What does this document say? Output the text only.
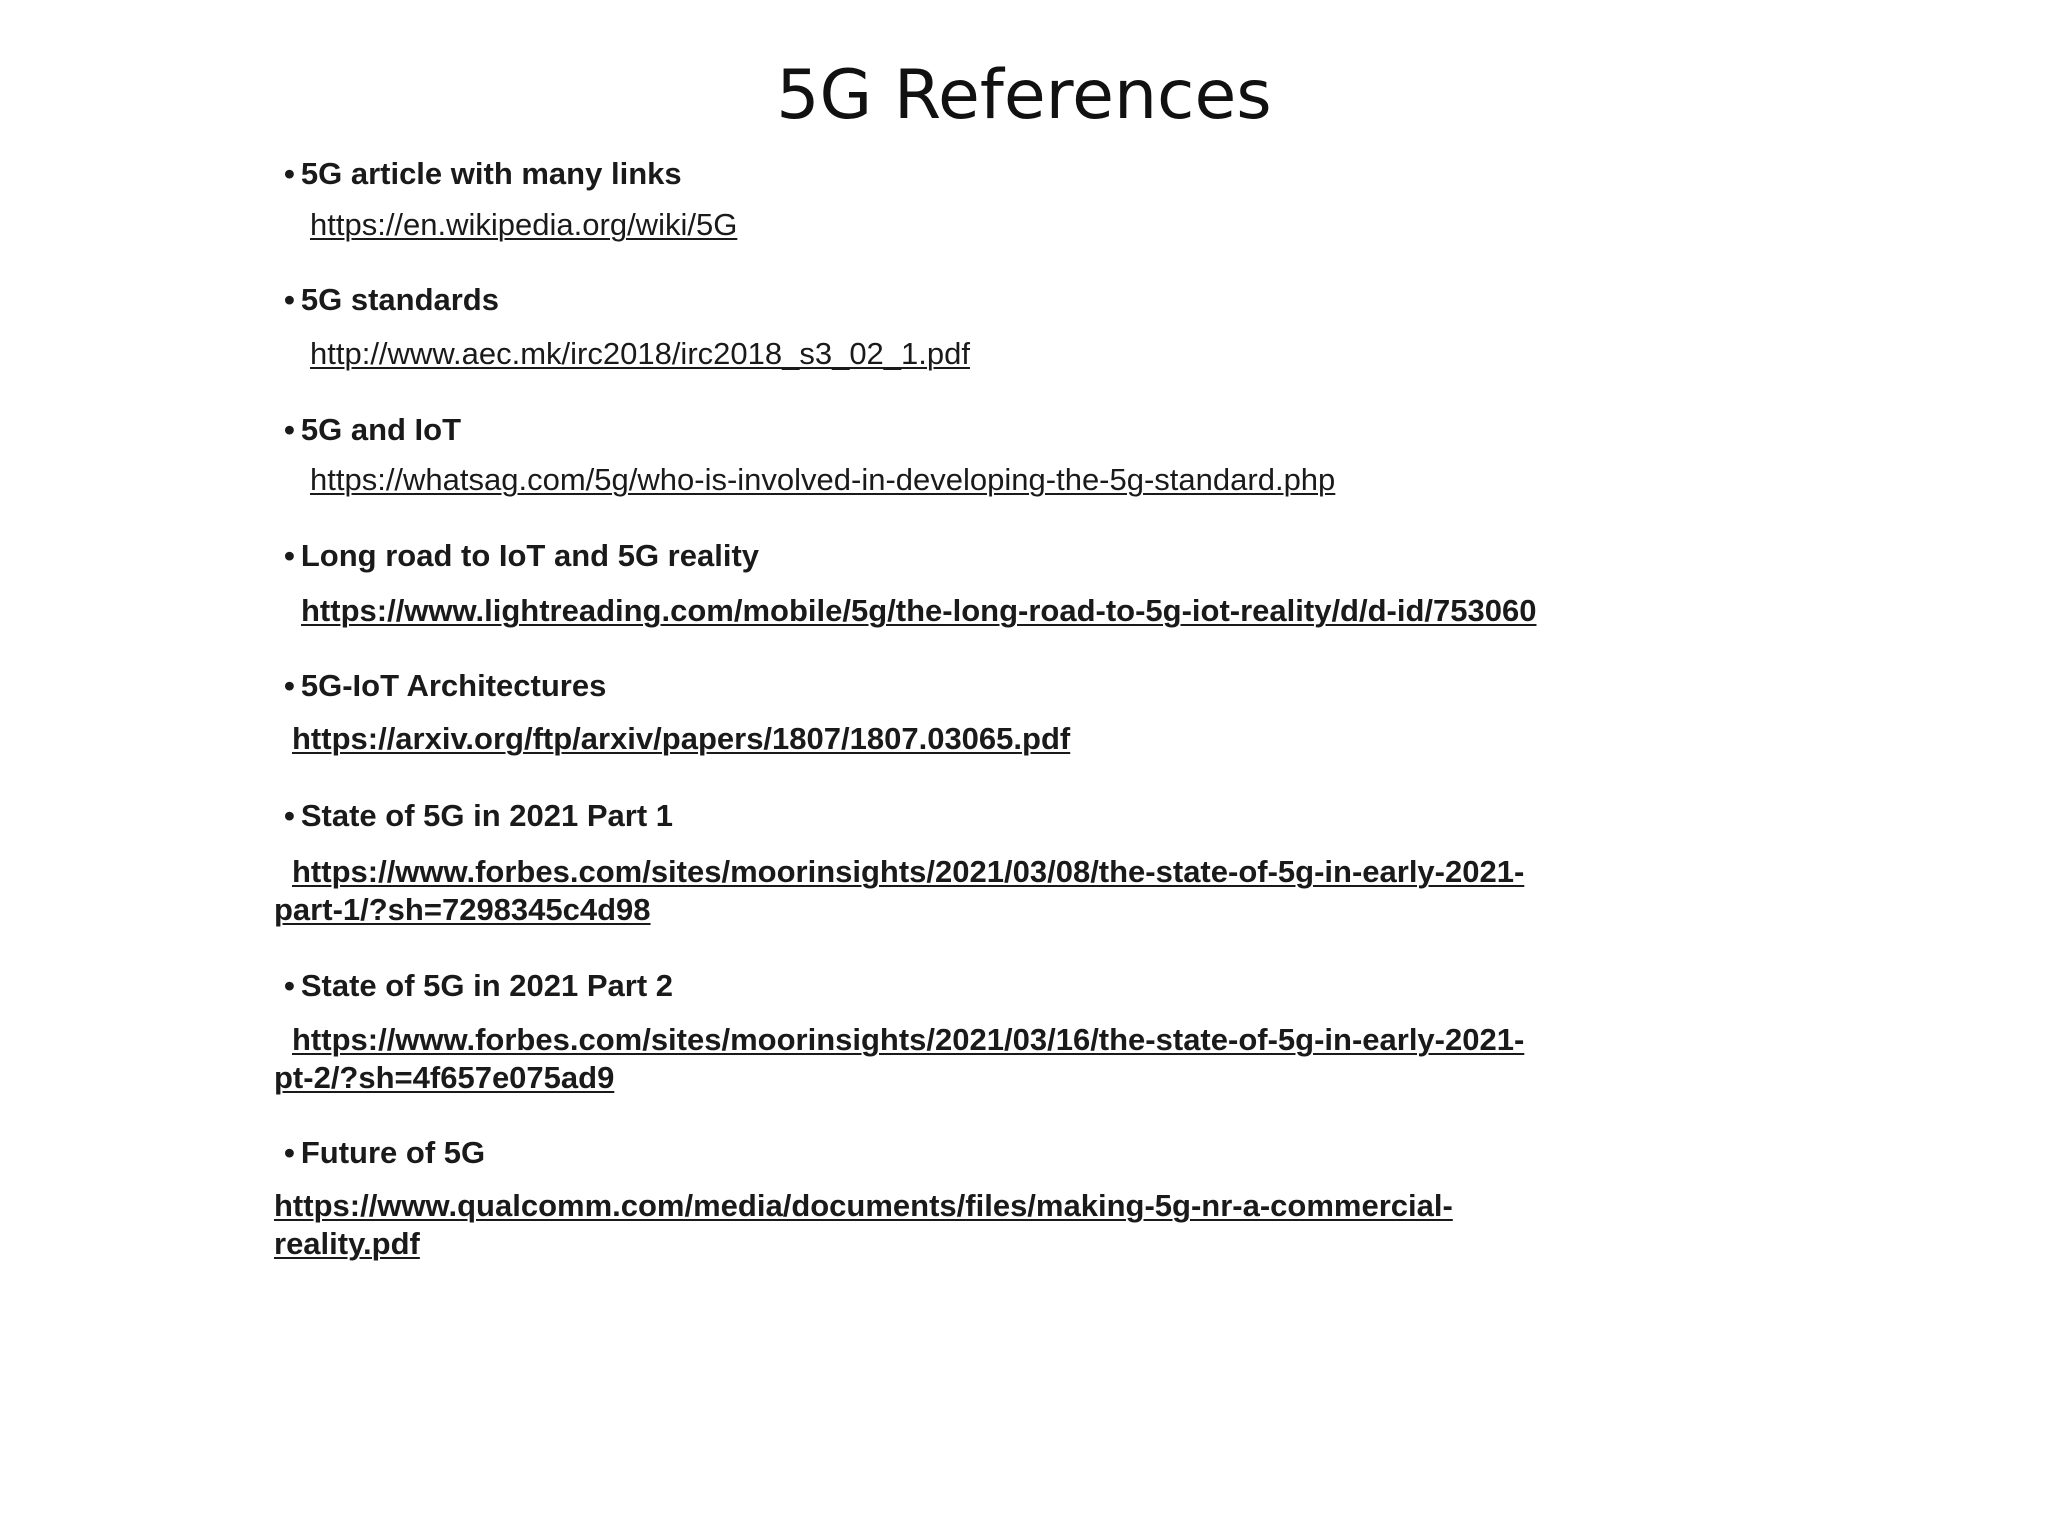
5G References
• 5G article with many links
https://en.wikipedia.org/wiki/5G
• 5G standards
http://www.aec.mk/irc2018/irc2018_s3_02_1.pdf
• 5G and IoT
https://whatsag.com/5g/who-is-involved-in-developing-the-5g-standard.php
• Long road to IoT and 5G reality
https://www.lightreading.com/mobile/5g/the-long-road-to-5g-iot-reality/d/d-id/753060
• 5G-IoT Architectures
https://arxiv.org/ftp/arxiv/papers/1807/1807.03065.pdf
• State of 5G in 2021 Part 1
https://www.forbes.com/sites/moorinsights/2021/03/08/the-state-of-5g-in-early-2021-
part-1/?sh=7298345c4d98
• State of 5G in 2021 Part 2
https://www.forbes.com/sites/moorinsights/2021/03/16/the-state-of-5g-in-early-2021-
pt-2/?sh=4f657e075ad9
• Future of 5G
https://www.qualcomm.com/media/documents/files/making-5g-nr-a-commercial-
reality.pdf
